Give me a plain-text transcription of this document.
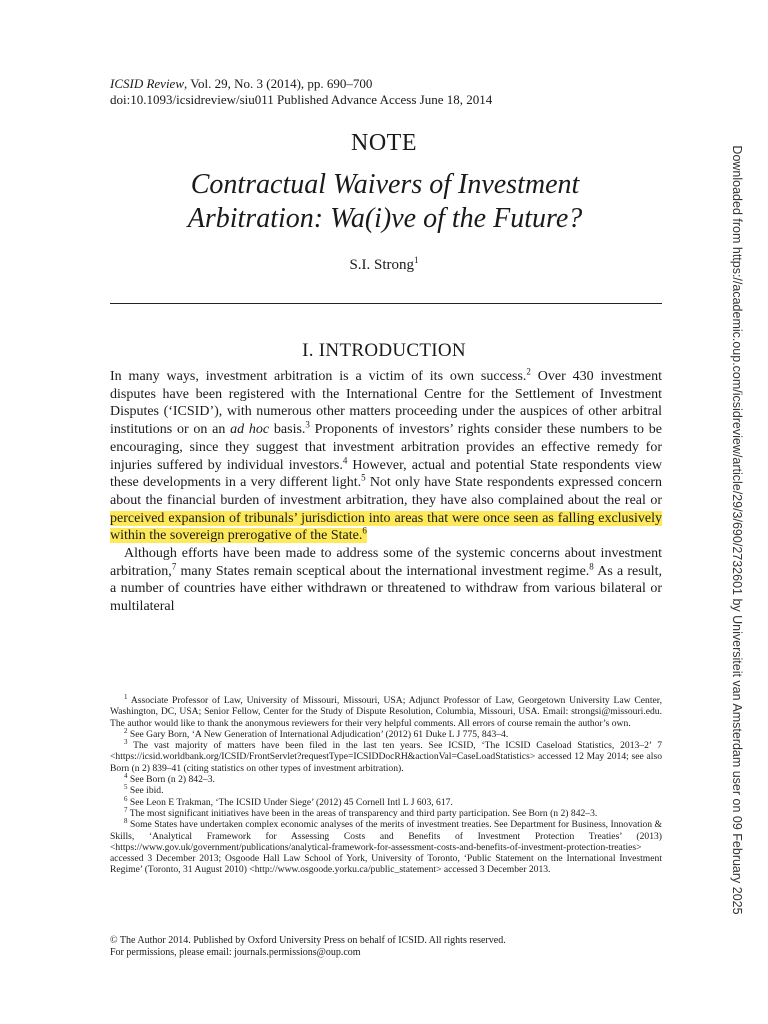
ICSID Review, Vol. 29, No. 3 (2014), pp. 690–700
doi:10.1093/icsidreview/siu011 Published Advance Access June 18, 2014
NOTE
Contractual Waivers of Investment
Arbitration: Wa(i)ve of the Future?
S.I. Strong$^1$
I. INTRODUCTION

In many ways, investment arbitration is a victim of its own success.$^2$ Over 430 investment disputes have been registered with the International Centre for the Settlement of Investment Disputes (‘ICSID’), with numerous other matters proceeding under the auspices of other arbitral institutions or on an ad hoc basis.$^3$ Proponents of investors’ rights consider these numbers to be encouraging, since they suggest that investment arbitration provides an effective remedy for injuries suffered by individual investors.$^4$ However, actual and potential State respondents view these developments in a very different light.$^5$ Not only have State respondents expressed concern about the financial burden of investment arbitration, they have also complained about the real or perceived expansion of tribunals’ jurisdiction into areas that were once seen as falling exclusively within the sovereign prerogative of the State.$^6$

Although efforts have been made to address some of the systemic concerns about investment arbitration,$^7$ many States remain sceptical about the international investment regime.$^8$ As a result, a number of countries have either withdrawn or threatened to withdraw from various bilateral or multilateral

$^1$ Associate Professor of Law, University of Missouri, Missouri, USA; Adjunct Professor of Law, Georgetown University Law Center, Washington, DC, USA; Senior Fellow, Center for the Study of Dispute Resolution, Columbia, Missouri, USA. Email: strongsi@missouri.edu. The author would like to thank the anonymous reviewers for their very helpful comments. All errors of course remain the author’s own.

$^2$ See Gary Born, ‘A New Generation of International Adjudication’ (2012) 61 Duke L J 775, 843–4.

$^3$ The vast majority of matters have been filed in the last ten years. See ICSID, ‘The ICSID Caseload Statistics, 2013–2’ 7 <https://icsid.worldbank.org/ICSID/FrontServlet?requestType=ICSIDDocRH&actionVal=CaseLoadStatistics> accessed 12 May 2014; see also Born (n 2) 839–41 (citing statistics on other types of investment arbitration).

$^4$ See Born (n 2) 842–3.

$^5$ See ibid.

$^6$ See Leon E Trakman, ‘The ICSID Under Siege’ (2012) 45 Cornell Intl L J 603, 617.

$^7$ The most significant initiatives have been in the areas of transparency and third party participation. See Born (n 2) 842–3.

$^8$ Some States have undertaken complex economic analyses of the merits of investment treaties. See Department for Business, Innovation & Skills, ‘Analytical Framework for Assessing Costs and Benefits of Investment Protection Treaties’ (2013) <https://www.gov.uk/government/publications/analytical-framework-for-assessment-costs-and-benefits-of-investment-protection-treaties> accessed 3 December 2013; Osgoode Hall Law School of York, University of Toronto, ‘Public Statement on the International Investment Regime’ (Toronto, 31 August 2010) <http://www.osgoode.yorku.ca/public_statement> accessed 3 December 2013.

© The Author 2014. Published by Oxford University Press on behalf of ICSID. All rights reserved.
For permissions, please email: journals.permissions@oup.com
Downloaded from https://academic.oup.com/icsidreview/article/29/3/690/2732601 by Universiteit van Amsterdam user on 09 February 2025
